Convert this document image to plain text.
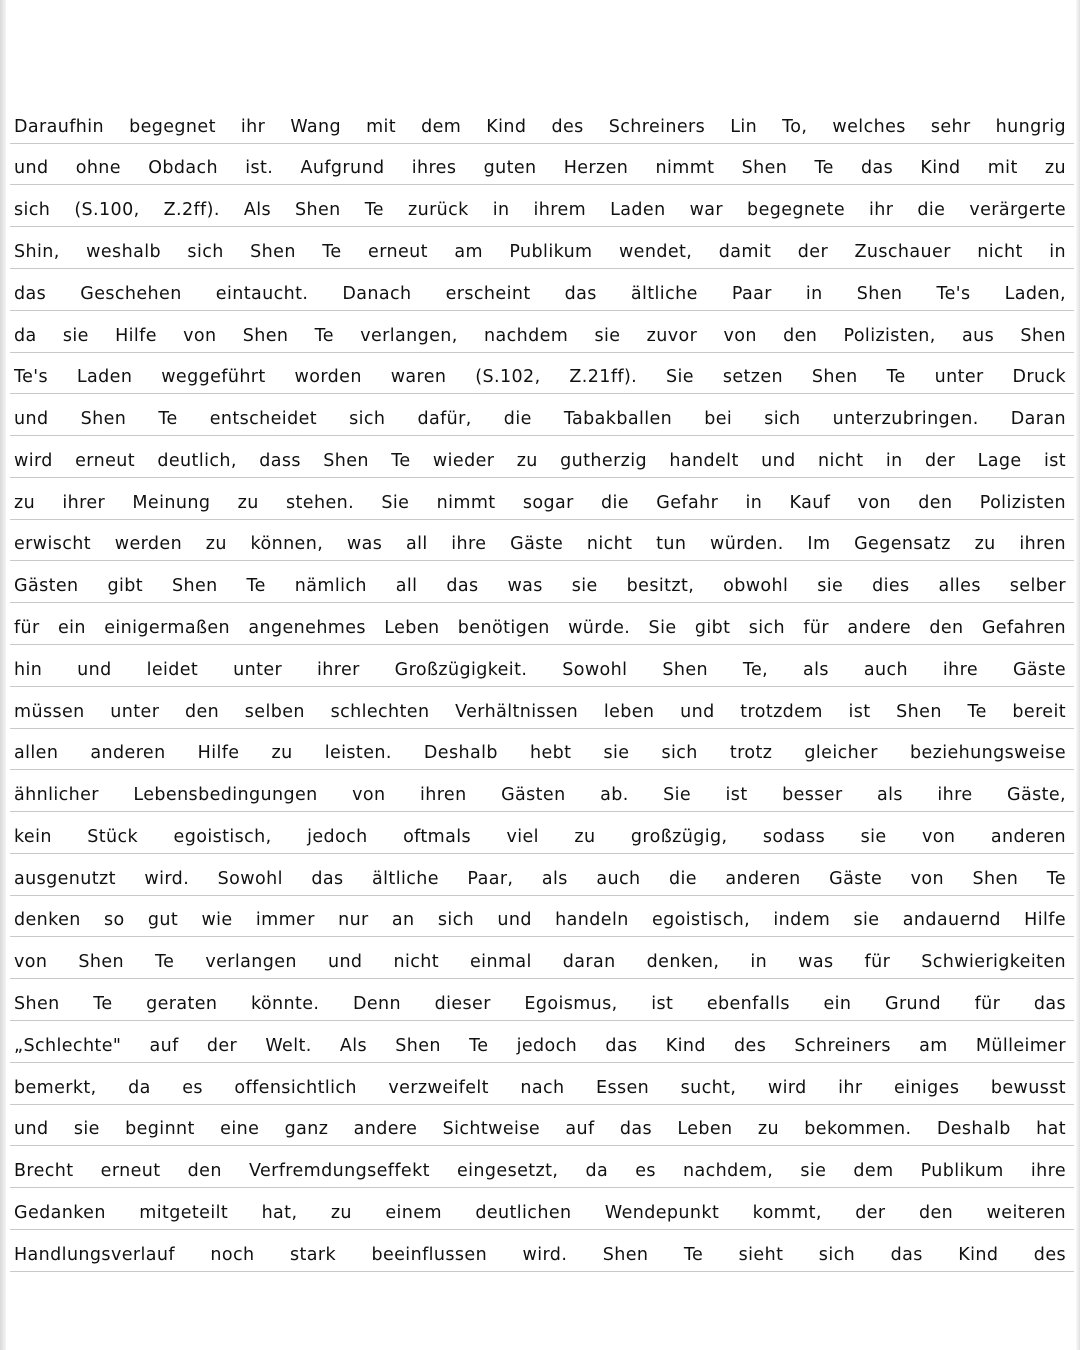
Daraufhin begegnet ihr Wang mit dem Kind des Schreiners Lin To, welches sehr hungrig
und ohne Obdach ist. Aufgrund ihres guten Herzen nimmt Shen Te das Kind mit zu
sich (S.100, Z.2ff). Als Shen Te zurück in ihrem Laden war begegnete ihr die verärgerte
Shin, weshalb sich Shen Te erneut am Publikum wendet, damit der Zuschauer nicht in
das Geschehen eintaucht. Danach erscheint das ältliche Paar in Shen Te's Laden,
da sie Hilfe von Shen Te verlangen, nachdem sie zuvor von den Polizisten, aus Shen
Te's Laden weggeführt worden waren (S.102, Z.21ff). Sie setzen Shen Te unter Druck
und Shen Te entscheidet sich dafür, die Tabakballen bei sich unterzubringen. Daran
wird erneut deutlich, dass Shen Te wieder zu gutherzig handelt und nicht in der Lage ist
zu ihrer Meinung zu stehen. Sie nimmt sogar die Gefahr in Kauf von den Polizisten
erwischt werden zu können, was all ihre Gäste nicht tun würden. Im Gegensatz zu ihren
Gästen gibt Shen Te nämlich all das was sie besitzt, obwohl sie dies alles selber
für ein einigermaßen angenehmes Leben benötigen würde. Sie gibt sich für andere den Gefahren
hin und leidet unter ihrer Großzügigkeit. Sowohl Shen Te, als auch ihre Gäste
müssen unter den selben schlechten Verhältnissen leben und trotzdem ist Shen Te bereit
allen anderen Hilfe zu leisten. Deshalb hebt sie sich trotz gleicher beziehungsweise
ähnlicher Lebensbedingungen von ihren Gästen ab. Sie ist besser als ihre Gäste,
kein Stück egoistisch, jedoch oftmals viel zu großzügig, sodass sie von anderen
ausgenutzt wird. Sowohl das ältliche Paar, als auch die anderen Gäste von Shen Te
denken so gut wie immer nur an sich und handeln egoistisch, indem sie andauernd Hilfe
von Shen Te verlangen und nicht einmal daran denken, in was für Schwierigkeiten
Shen Te geraten könnte. Denn dieser Egoismus, ist ebenfalls ein Grund für das
„Schlechte" auf der Welt. Als Shen Te jedoch das Kind des Schreiners am Mülleimer
bemerkt, da es offensichtlich verzweifelt nach Essen sucht, wird ihr einiges bewusst
und sie beginnt eine ganz andere Sichtweise auf das Leben zu bekommen. Deshalb hat
Brecht erneut den Verfremdungseffekt eingesetzt, da es nachdem, sie dem Publikum ihre
Gedanken mitgeteilt hat, zu einem deutlichen Wendepunkt kommt, der den weiteren
Handlungsverlauf noch stark beeinflussen wird. Shen Te sieht sich das Kind des
